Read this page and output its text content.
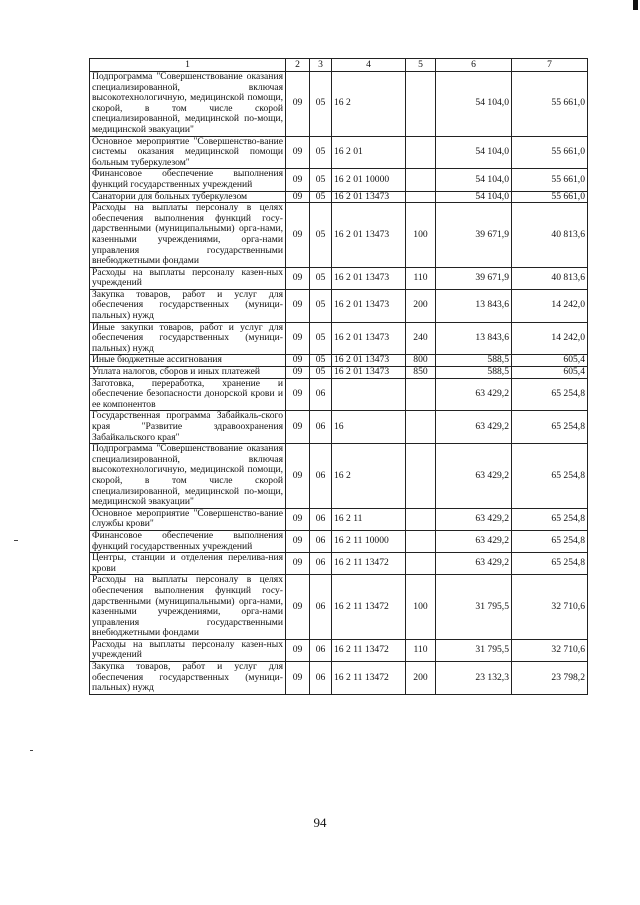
1	2	3	4	5	6	7
Подпрограмма "Совершенствование оказания специализированной, включая высокотехнологичную, медицинской помощи, скорой, в том числе скорой специализированной, медицинской по-мощи, медицинской эвакуации"	09	05	16 2		54 104,0	55 661,0
Основное мероприятие "Совершенство-вание системы оказания медицинской помощи больным туберкулезом"	09	05	16 2 01		54 104,0	55 661,0
Финансовое обеспечение выполнения функций государственных учреждений	09	05	16 2 01 10000		54 104,0	55 661,0
Санатории для больных туберкулезом	09	05	16 2 01 13473		54 104,0	55 661,0
Расходы на выплаты персоналу в целях обеспечения выполнения функций госу-дарственными (муниципальными) орга-нами, казенными учреждениями, орга-нами управления государственными внебюджетными фондами	09	05	16 2 01 13473	100	39 671,9	40 813,6
Расходы на выплаты персоналу казен-ных учреждений	09	05	16 2 01 13473	110	39 671,9	40 813,6
Закупка товаров, работ и услуг для обеспечения государственных (муници-пальных) нужд	09	05	16 2 01 13473	200	13 843,6	14 242,0
Иные закупки товаров, работ и услуг для обеспечения государственных (муници-пальных) нужд	09	05	16 2 01 13473	240	13 843,6	14 242,0
Иные бюджетные ассигнования	09	05	16 2 01 13473	800	588,5	605,4
Уплата налогов, сборов и иных платежей	09	05	16 2 01 13473	850	588,5	605,4
Заготовка, переработка, хранение и обеспечение безопасности донорской крови и ее компонентов	09	06			63 429,2	65 254,8
Государственная программа Забайкаль-ского края "Развитие здравоохранения Забайкальского края"	09	06	16		63 429,2	65 254,8
Подпрограмма "Совершенствование оказания специализированной, включая высокотехнологичную, медицинской помощи, скорой, в том числе скорой специализированной, медицинской по-мощи, медицинской эвакуации"	09	06	16 2		63 429,2	65 254,8
Основное мероприятие "Совершенство-вание службы крови"	09	06	16 2 11		63 429,2	65 254,8
Финансовое обеспечение выполнения функций государственных учреждений	09	06	16 2 11 10000		63 429,2	65 254,8
Центры, станции и отделения перелива-ния крови	09	06	16 2 11 13472		63 429,2	65 254,8
Расходы на выплаты персоналу в целях обеспечения выполнения функций госу-дарственными (муниципальными) орга-нами, казенными учреждениями, орга-нами управления государственными внебюджетными фондами	09	06	16 2 11 13472	100	31 795,5	32 710,6
Расходы на выплаты персоналу казен-ных учреждений	09	06	16 2 11 13472	110	31 795,5	32 710,6
Закупка товаров, работ и услуг для обеспечения государственных (муници-пальных) нужд	09	06	16 2 11 13472	200	23 132,3	23 798,2
94
